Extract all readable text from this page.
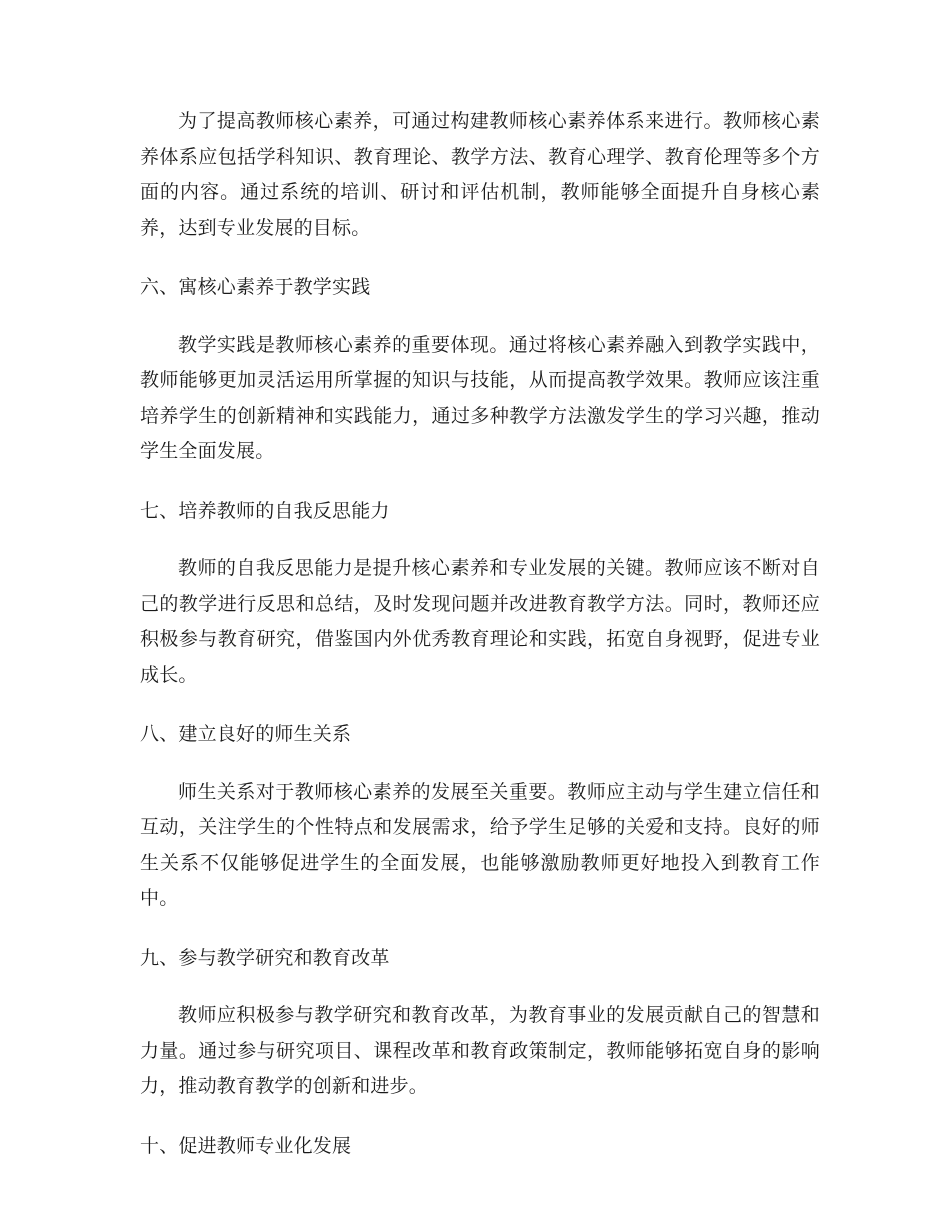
为了提高教师核心素养，可通过构建教师核心素养体系来进行。教师核心素养体系应包括学科知识、教育理论、教学方法、教育心理学、教育伦理等多个方面的内容。通过系统的培训、研讨和评估机制，教师能够全面提升自身核心素养，达到专业发展的目标。

六、寓核心素养于教学实践

教学实践是教师核心素养的重要体现。通过将核心素养融入到教学实践中，教师能够更加灵活运用所掌握的知识与技能，从而提高教学效果。教师应该注重培养学生的创新精神和实践能力，通过多种教学方法激发学生的学习兴趣，推动学生全面发展。

七、培养教师的自我反思能力

教师的自我反思能力是提升核心素养和专业发展的关键。教师应该不断对自己的教学进行反思和总结，及时发现问题并改进教育教学方法。同时，教师还应积极参与教育研究，借鉴国内外优秀教育理论和实践，拓宽自身视野，促进专业成长。

八、建立良好的师生关系

师生关系对于教师核心素养的发展至关重要。教师应主动与学生建立信任和互动，关注学生的个性特点和发展需求，给予学生足够的关爱和支持。良好的师生关系不仅能够促进学生的全面发展，也能够激励教师更好地投入到教育工作中。

九、参与教学研究和教育改革

教师应积极参与教学研究和教育改革，为教育事业的发展贡献自己的智慧和力量。通过参与研究项目、课程改革和教育政策制定，教师能够拓宽自身的影响力，推动教育教学的创新和进步。

十、促进教师专业化发展
